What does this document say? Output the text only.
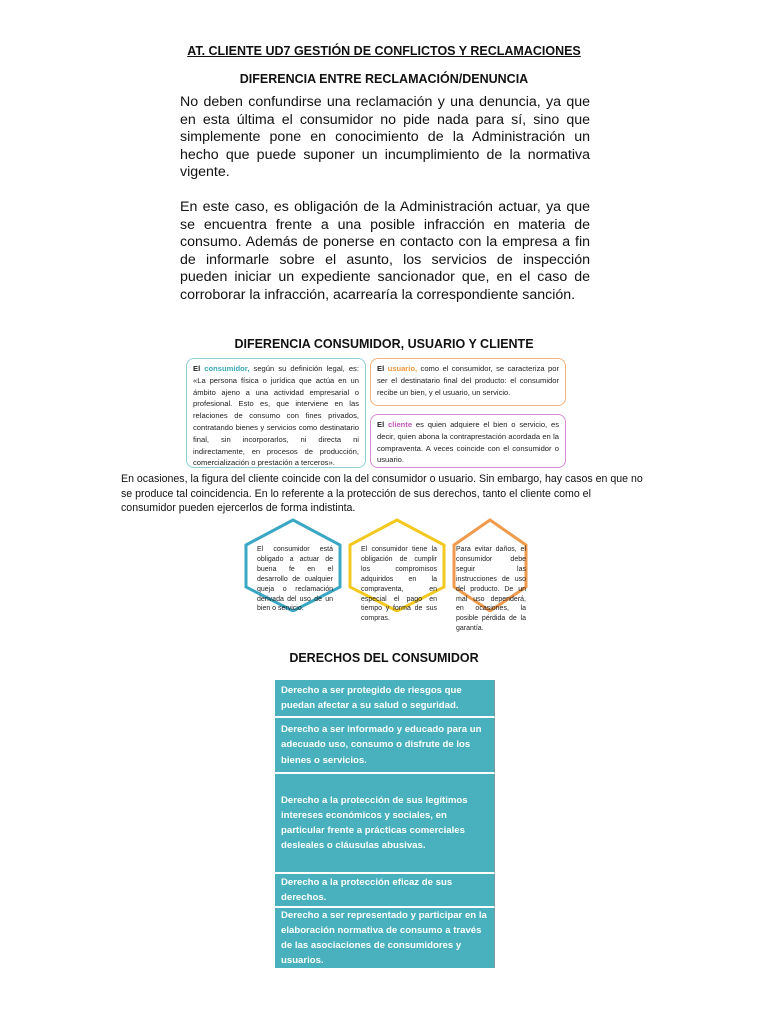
AT. CLIENTE UD7 GESTIÓN DE CONFLICTOS Y RECLAMACIONES
DIFERENCIA ENTRE RECLAMACIÓN/DENUNCIA
No deben confundirse una reclamación y una denuncia, ya que en esta última el consumidor no pide nada para sí, sino que simplemente pone en conocimiento de la Administración un hecho que puede suponer un incumplimiento de la normativa vigente.
En este caso, es obligación de la Administración actuar, ya que se encuentra frente a una posible infracción en materia de consumo. Además de ponerse en contacto con la empresa a fin de informarle sobre el asunto, los servicios de inspección pueden iniciar un expediente sancionador que, en el caso de corroborar la infracción, acarrearía la correspondiente sanción.
DIFERENCIA CONSUMIDOR, USUARIO Y CLIENTE
El consumidor, según su definición legal, es: «La persona física o jurídica que actúa en un ámbito ajeno a una actividad empresarial o profesional. Esto es, que interviene en las relaciones de consumo con fines privados, contratando bienes y servicios como destinatario final, sin incorporarlos, ni directa ni indirectamente, en procesos de producción, comercialización o prestación a terceros».
El usuario, como el consumidor, se caracteriza por ser el destinatario final del producto: el consumidor recibe un bien, y el usuario, un servicio.
El cliente es quien adquiere el bien o servicio, es decir, quien abona la contraprestación acordada en la compraventa. A veces coincide con el consumidor o usuario.
En ocasiones, la figura del cliente coincide con la del consumidor o usuario. Sin embargo, hay casos en que no se produce tal coincidencia. En lo referente a la protección de sus derechos, tanto el cliente como el consumidor pueden ejercerlos de forma indistinta.
El consumidor está obligado a actuar de buena fe en el desarrollo de cualquier queja o reclamación derivada del uso de un bien o servicio.
El consumidor tiene la obligación de cumplir los compromisos adquiridos en la compraventa, en especial el pago en tiempo y forma de sus compras.
Para evitar daños, el consumidor debe seguir las instrucciones de uso del producto. De un mal uso dependerá, en ocasiones, la posible pérdida de la garantía.
DERECHOS DEL CONSUMIDOR
Derecho a ser protegido de riesgos que puedan afectar a su salud o seguridad.
Derecho a ser informado y educado para un adecuado uso, consumo o disfrute de los bienes o servicios.
Derecho a la protección de sus legítimos intereses económicos y sociales, en particular frente a prácticas comerciales desleales o cláusulas abusivas.
Derecho a la protección eficaz de sus derechos.
Derecho a ser representado y participar en la elaboración normativa de consumo a través de las asociaciones de consumidores y usuarios.
